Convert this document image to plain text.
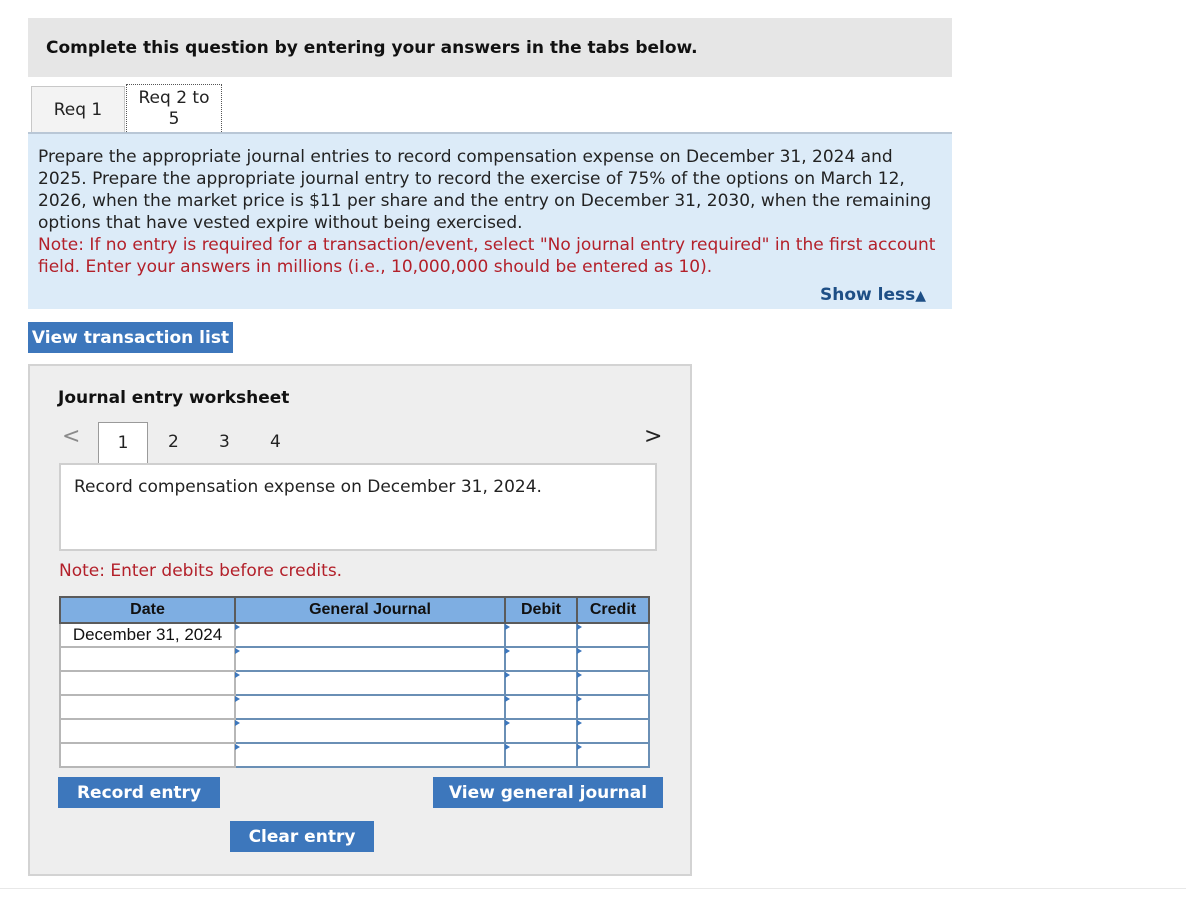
Complete this question by entering your answers in the tabs below.
Req 1
Req 2 to
5
Prepare the appropriate journal entries to record compensation expense on December 31, 2024 and 2025. Prepare the appropriate journal entry to record the exercise of 75% of the options on March 12, 2026, when the market price is $11 per share and the entry on December 31, 2030, when the remaining options that have vested expire without being exercised.
Note: If no entry is required for a transaction/event, select "No journal entry required" in the first account field. Enter your answers in millions (i.e., 10,000,000 should be entered as 10).
Show less▲
View transaction list
Journal entry worksheet
< 1 2 3 4	>
Record compensation expense on December 31, 2024.
Note: Enter debits before credits.
Date	General Journal	Debit	Credit
December 31, 2024			

Record entry	View general journal
Clear entry
